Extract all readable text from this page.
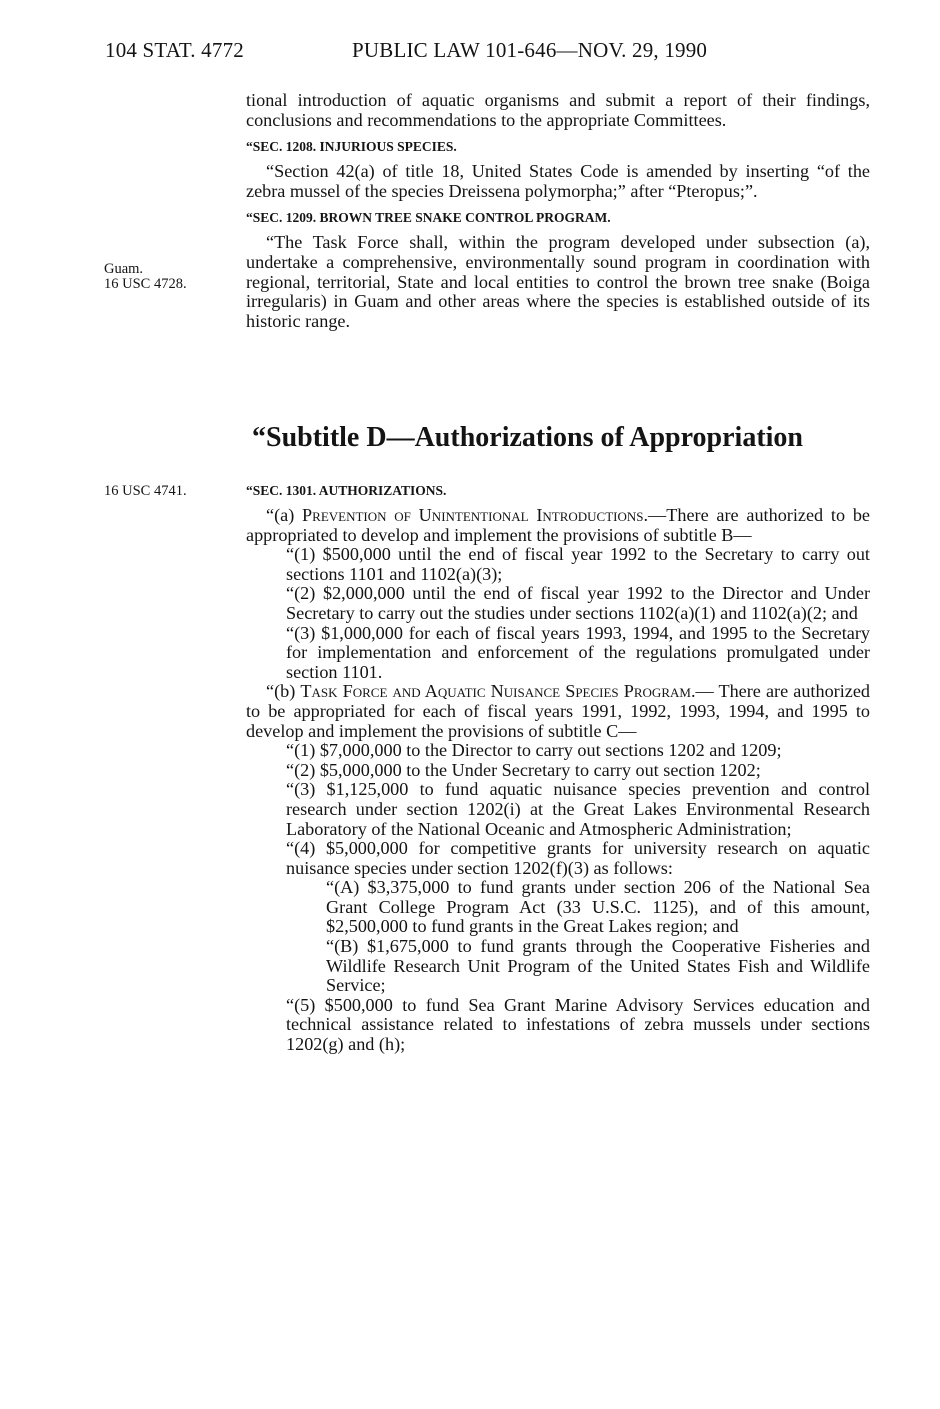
104 STAT. 4772	PUBLIC LAW 101-646—NOV. 29, 1990
Guam.
16 USC 4728.
16 USC 4741.

tional introduction of aquatic organisms and submit a report of their findings, conclusions and recommendations to the appropriate Committees.

“SEC. 1208. INJURIOUS SPECIES.

“Section 42(a) of title 18, United States Code is amended by inserting “of the zebra mussel of the species Dreissena polymorpha;” after “Pteropus;”.

“SEC. 1209. BROWN TREE SNAKE CONTROL PROGRAM.

“The Task Force shall, within the program developed under subsection (a), undertake a comprehensive, environmentally sound program in coordination with regional, territorial, State and local entities to control the brown tree snake (Boiga irregularis) in Guam and other areas where the species is established outside of its historic range.

“Subtitle D—Authorizations of Appropriation

“SEC. 1301. AUTHORIZATIONS.

“(a) Prevention of Unintentional Introductions.—There are authorized to be appropriated to develop and implement the provisions of subtitle B—

“(1) $500,000 until the end of fiscal year 1992 to the Secretary to carry out sections 1101 and 1102(a)(3);

“(2) $2,000,000 until the end of fiscal year 1992 to the Director and Under Secretary to carry out the studies under sections 1102(a)(1) and 1102(a)(2; and

“(3) $1,000,000 for each of fiscal years 1993, 1994, and 1995 to the Secretary for implementation and enforcement of the regulations promulgated under section 1101.

“(b) Task Force and Aquatic Nuisance Species Program.— There are authorized to be appropriated for each of fiscal years 1991, 1992, 1993, 1994, and 1995 to develop and implement the provisions of subtitle C—

“(1) $7,000,000 to the Director to carry out sections 1202 and 1209;

“(2) $5,000,000 to the Under Secretary to carry out section 1202;

“(3) $1,125,000 to fund aquatic nuisance species prevention and control research under section 1202(i) at the Great Lakes Environmental Research Laboratory of the National Oceanic and Atmospheric Administration;

“(4) $5,000,000 for competitive grants for university research on aquatic nuisance species under section 1202(f)(3) as follows:

“(A) $3,375,000 to fund grants under section 206 of the National Sea Grant College Program Act (33 U.S.C. 1125), and of this amount, $2,500,000 to fund grants in the Great Lakes region; and

“(B) $1,675,000 to fund grants through the Cooperative Fisheries and Wildlife Research Unit Program of the United States Fish and Wildlife Service;

“(5) $500,000 to fund Sea Grant Marine Advisory Services education and technical assistance related to infestations of zebra mussels under sections 1202(g) and (h);
